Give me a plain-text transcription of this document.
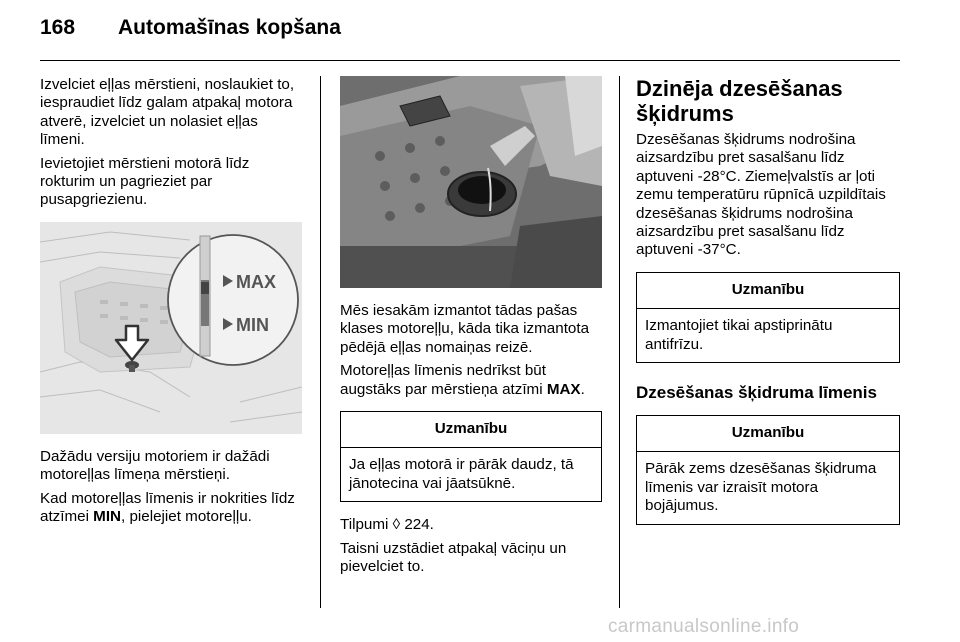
168 Automašīnas kopšana

Izvelciet eļļas mērstieni, noslaukiet to, iespraudiet līdz galam atpakaļ motora atverē, izvelciet un nolasiet eļļas līmeni.

Ievietojiet mērstieni motorā līdz rokturim un pagrieziet par pusapgriezienu.

MAX
MIN

Dažādu versiju motoriem ir dažādi motoreļļas līmeņa mērstieņi.

Kad motoreļļas līmenis ir nokrities līdz atzīmei MIN, pielejiet motoreļļu.

Mēs iesakām izmantot tādas pašas klases motoreļļu, kāda tika izmantota pēdējā eļļas nomaiņas reizē.

Motoreļļas līmenis nedrīkst būt augstāks par mērstieņa atzīmi MAX.

Uzmanību
Ja eļļas motorā ir pārāk daudz, tā jānotecina vai jāatsūknē.

Tilpumi ◊ 224.

Taisni uzstādiet atpakaļ vāciņu un pievelciet to.

Dzinēja dzesēšanas šķidrums

Dzesēšanas šķidrums nodrošina aizsardzību pret sasalšanu līdz aptuveni -28°C. Ziemeļvalstīs ar ļoti zemu temperatūru rūpnīcā uzpildītais dzesēšanas šķidrums nodrošina aizsardzību pret sasalšanu līdz aptuveni -37°C.

Uzmanību
Izmantojiet tikai apstiprinātu antifrīzu.
Dzesēšanas šķidruma līmenis
Uzmanību
Pārāk zems dzesēšanas šķidruma līmenis var izraisīt motora bojājumus.
carmanualsonline.info
